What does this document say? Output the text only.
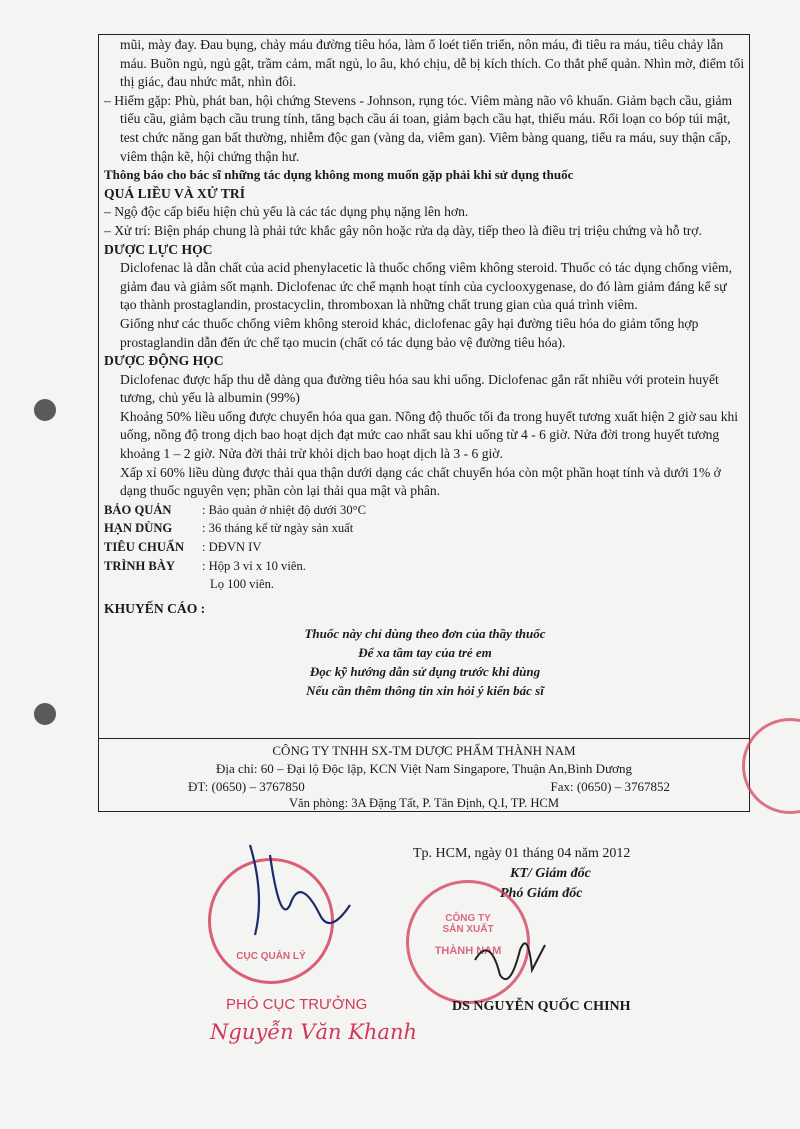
mũi, mày đay. Đau bụng, chảy máu đường tiêu hóa, làm ổ loét tiến triển, nôn máu, đi tiêu ra máu, tiêu chảy lẫn máu. Buồn ngủ, ngủ gật, trầm cảm, mất ngủ, lo âu, khó chịu, dễ bị kích thích. Co thắt phế quản. Nhìn mờ, điểm tối thị giác, đau nhức mắt, nhìn đôi.

– Hiếm gặp: Phù, phát ban, hội chứng Stevens - Johnson, rụng tóc. Viêm màng não vô khuẩn. Giảm bạch cầu, giảm tiểu cầu, giảm bạch cầu trung tính, tăng bạch cầu ái toan, giảm bạch cầu hạt, thiếu máu. Rối loạn co bóp túi mật, test chức năng gan bất thường, nhiễm độc gan (vàng da, viêm gan). Viêm bàng quang, tiểu ra máu, suy thận cấp, viêm thận kẽ, hội chứng thận hư.

Thông báo cho bác sĩ những tác dụng không mong muốn gặp phải khi sử dụng thuốc

QUÁ LIỀU VÀ XỬ TRÍ

– Ngộ độc cấp biểu hiện chủ yếu là các tác dụng phụ nặng lên hơn.

– Xử trí: Biện pháp chung là phải tức khắc gây nôn hoặc rửa dạ dày, tiếp theo là điều trị triệu chứng và hỗ trợ.

DƯỢC LỰC HỌC

Diclofenac là dẫn chất của acid phenylacetic là thuốc chống viêm không steroid. Thuốc có tác dụng chống viêm, giảm đau và giảm sốt mạnh. Diclofenac ức chế mạnh hoạt tính của cyclooxygenase, do đó làm giảm đáng kể sự tạo thành prostaglandin, prostacyclin, thromboxan là những chất trung gian của quá trình viêm.

Giống như các thuốc chống viêm không steroid khác, diclofenac gây hại đường tiêu hóa do giảm tổng hợp prostaglandin dẫn đến ức chế tạo mucin (chất có tác dụng bảo vệ đường tiêu hóa).

DƯỢC ĐỘNG HỌC

Diclofenac được hấp thu dễ dàng qua đường tiêu hóa sau khi uống. Diclofenac gắn rất nhiều với protein huyết tương, chủ yếu là albumin (99%)

Khoảng 50% liều uống được chuyển hóa qua gan. Nồng độ thuốc tối đa trong huyết tương xuất hiện 2 giờ sau khi uống, nồng độ trong dịch bao hoạt dịch đạt mức cao nhất sau khi uống từ 4 - 6 giờ. Nửa đời trong huyết tương khoảng 1 – 2 giờ. Nửa đời thải trừ khỏi dịch bao hoạt dịch là 3 - 6 giờ.

Xấp xỉ 60% liều dùng được thải qua thận dưới dạng các chất chuyển hóa còn một phần hoạt tính và dưới 1% ở dạng thuốc nguyên vẹn; phần còn lại thải qua mật và phân.

BẢO QUẢN	: Bảo quản ở nhiệt độ dưới 30°C
HẠN DÙNG	: 36 tháng kể từ ngày sản xuất
TIÊU CHUẨN	: DĐVN IV
TRÌNH BÀY	: Hộp 3 vỉ x 10 viên.
Lọ 100 viên.

KHUYẾN CÁO :

Thuốc này chỉ dùng theo đơn của thầy thuốc

Để xa tầm tay của trẻ em

Đọc kỹ hướng dẫn sử dụng trước khi dùng

Nếu cần thêm thông tin xin hỏi ý kiến bác sĩ

CÔNG TY TNHH SX-TM DƯỢC PHẨM THÀNH NAM
Địa chỉ: 60 – Đại lộ Độc lập, KCN Việt Nam Singapore, Thuận An,Bình Dương
ĐT: (0650) – 3767850	Fax: (0650) – 3767852
Văn phòng: 3A Đặng Tất, P. Tân Định, Q.I, TP. HCM
Tp. HCM, ngày 01 tháng 04 năm 2012
KT/ Giám đốc
Phó Giám đốc
CÔNG TY
SẢN XUẤT
THÀNH NAM
DS NGUYỄN QUỐC CHINH
CỤC QUẢN LÝ
PHÓ CỤC TRƯỞNG
Nguyễn Văn Khanh
